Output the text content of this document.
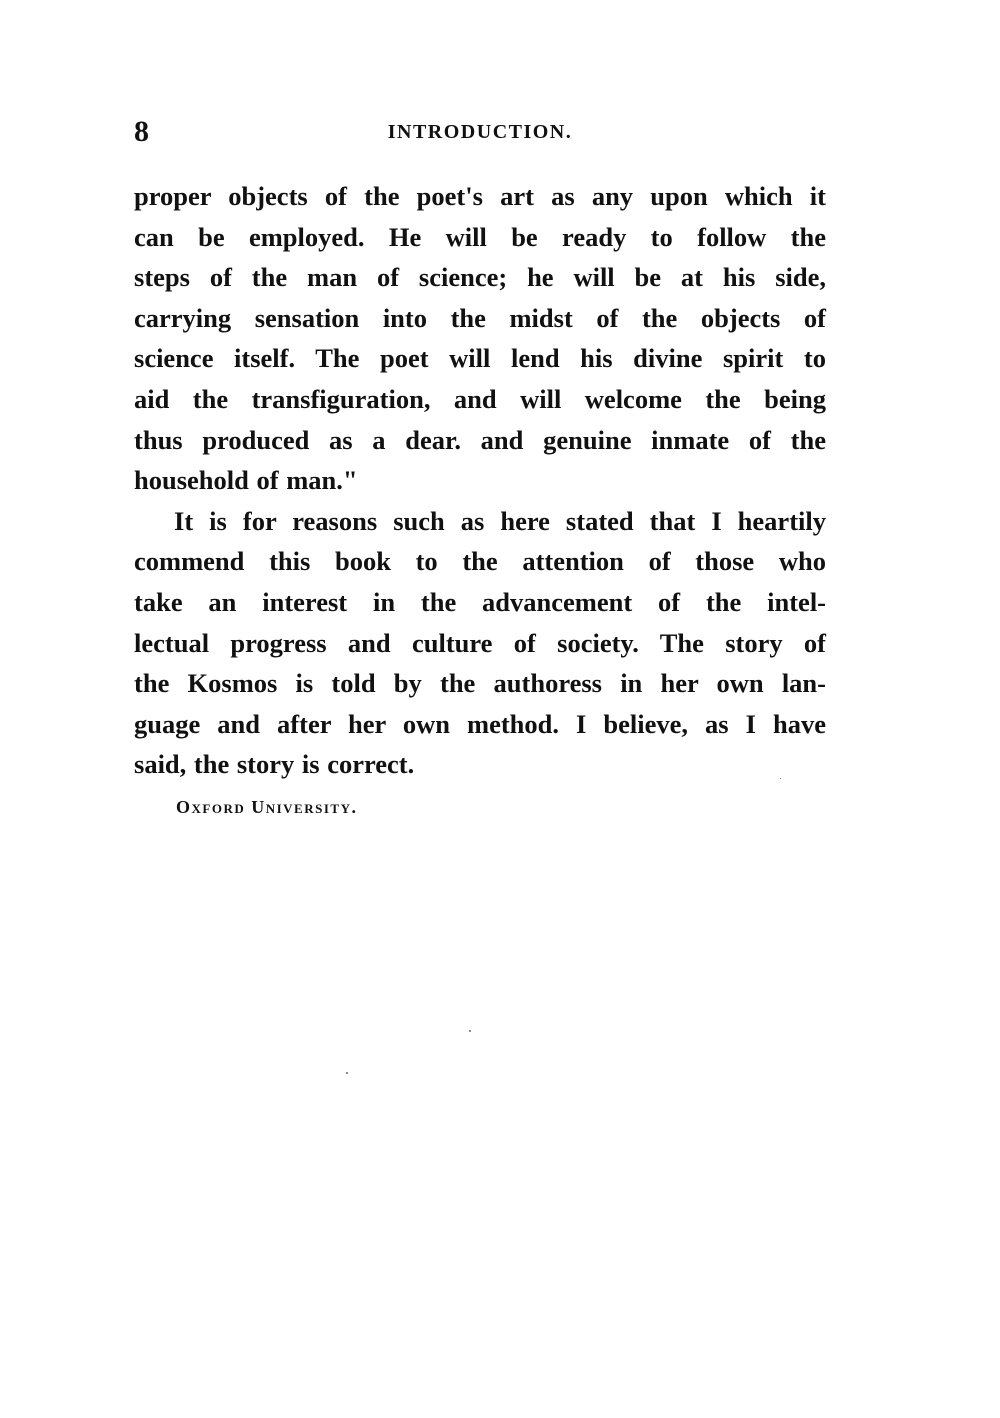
8	INTRODUCTION.
proper objects of the poet's art as any upon which it
can be employed. He will be ready to follow the
steps of the man of science; he will be at his side,
carrying sensation into the midst of the objects of
science itself. The poet will lend his divine spirit to
aid the transfiguration, and will welcome the being
thus produced as a dear. and genuine inmate of the
household of man."
It is for reasons such as here stated that I heartily
commend this book to the attention of those who
take an interest in the advancement of the intel-
lectual progress and culture of society. The story of
the Kosmos is told by the authoress in her own lan-
guage and after her own method. I believe, as I have
said, the story is correct.
Oxford University.
